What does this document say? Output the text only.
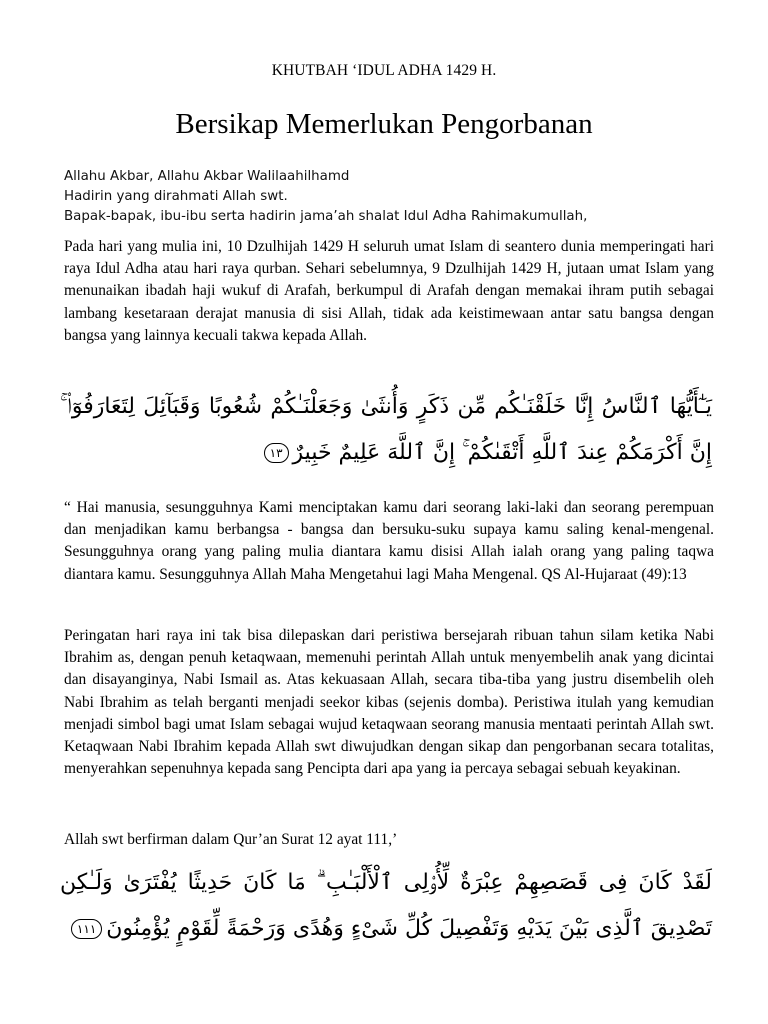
KHUTBAH ‘IDUL ADHA 1429 H.
Bersikap Memerlukan Pengorbanan
Allahu Akbar, Allahu Akbar Walilaahilhamd
Hadirin yang dirahmati Allah swt.
Bapak-bapak, ibu-ibu serta hadirin jama’ah shalat Idul Adha Rahimakumullah,
Pada hari yang mulia ini, 10 Dzulhijah 1429 H seluruh umat Islam di seantero dunia memperingati hari raya Idul Adha atau hari raya qurban. Sehari sebelumnya, 9 Dzulhijah 1429 H, jutaan umat Islam yang menunaikan ibadah haji wukuf di Arafah, berkumpul di Arafah dengan memakai ihram putih sebagai lambang kesetaraan derajat manusia di sisi Allah, tidak ada keistimewaan antar satu bangsa dengan bangsa yang lainnya kecuali takwa kepada Allah.
يَـٰٓأَيُّهَا ٱلنَّاسُ إِنَّا خَلَقْنَـٰكُم مِّن ذَكَرٍ وَأُنثَىٰ وَجَعَلْنَـٰكُمْ شُعُوبًا وَقَبَآئِلَ لِتَعَارَفُوٓا۟ ۚ إِنَّ أَكْرَمَكُمْ عِندَ ٱللَّهِ أَتْقَىٰكُمْ ۚ إِنَّ ٱللَّهَ عَلِيمٌ خَبِيرٌ١٣
“ Hai manusia, sesungguhnya Kami menciptakan kamu dari seorang laki-laki dan seorang perempuan dan menjadikan kamu berbangsa - bangsa dan bersuku-suku supaya kamu saling kenal-mengenal. Sesungguhnya orang yang paling mulia diantara kamu disisi Allah ialah orang yang paling taqwa diantara kamu. Sesungguhnya Allah Maha Mengetahui lagi Maha Mengenal. QS Al-Hujaraat (49):13
Peringatan hari raya ini tak bisa dilepaskan dari peristiwa bersejarah ribuan tahun silam ketika Nabi Ibrahim as, dengan penuh ketaqwaan, memenuhi perintah Allah untuk menyembelih anak yang dicintai dan disayanginya, Nabi Ismail as. Atas kekuasaan Allah, secara tiba-tiba yang justru disembelih oleh Nabi Ibrahim as telah berganti menjadi seekor kibas (sejenis domba). Peristiwa itulah yang kemudian menjadi simbol bagi umat Islam sebagai wujud ketaqwaan seorang manusia mentaati perintah Allah swt. Ketaqwaan Nabi Ibrahim kepada Allah swt diwujudkan dengan sikap dan pengorbanan secara totalitas, menyerahkan sepenuhnya kepada sang Pencipta dari apa yang ia percaya sebagai sebuah keyakinan.
Allah swt berfirman dalam Qur’an Surat 12 ayat 111,’
لَقَدْ كَانَ فِى قَصَصِهِمْ عِبْرَةٌ لِّأُو۟لِى ٱلْأَلْبَـٰبِ ۗ مَا كَانَ حَدِيثًا يُفْتَرَىٰ وَلَـٰكِن تَصْدِيقَ ٱلَّذِى بَيْنَ يَدَيْهِ وَتَفْصِيلَ كُلِّ شَىْءٍ وَهُدًى وَرَحْمَةً لِّقَوْمٍ يُؤْمِنُونَ١١١
